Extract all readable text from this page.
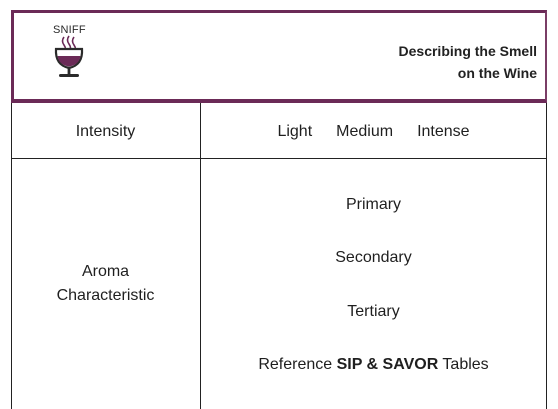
SNIFF
Describing the Smell
on the Wine
Intensity	Light Medium Intense
Aroma
Characteristic
Primary
Secondary
Tertiary
Reference SIP & SAVOR Tables
